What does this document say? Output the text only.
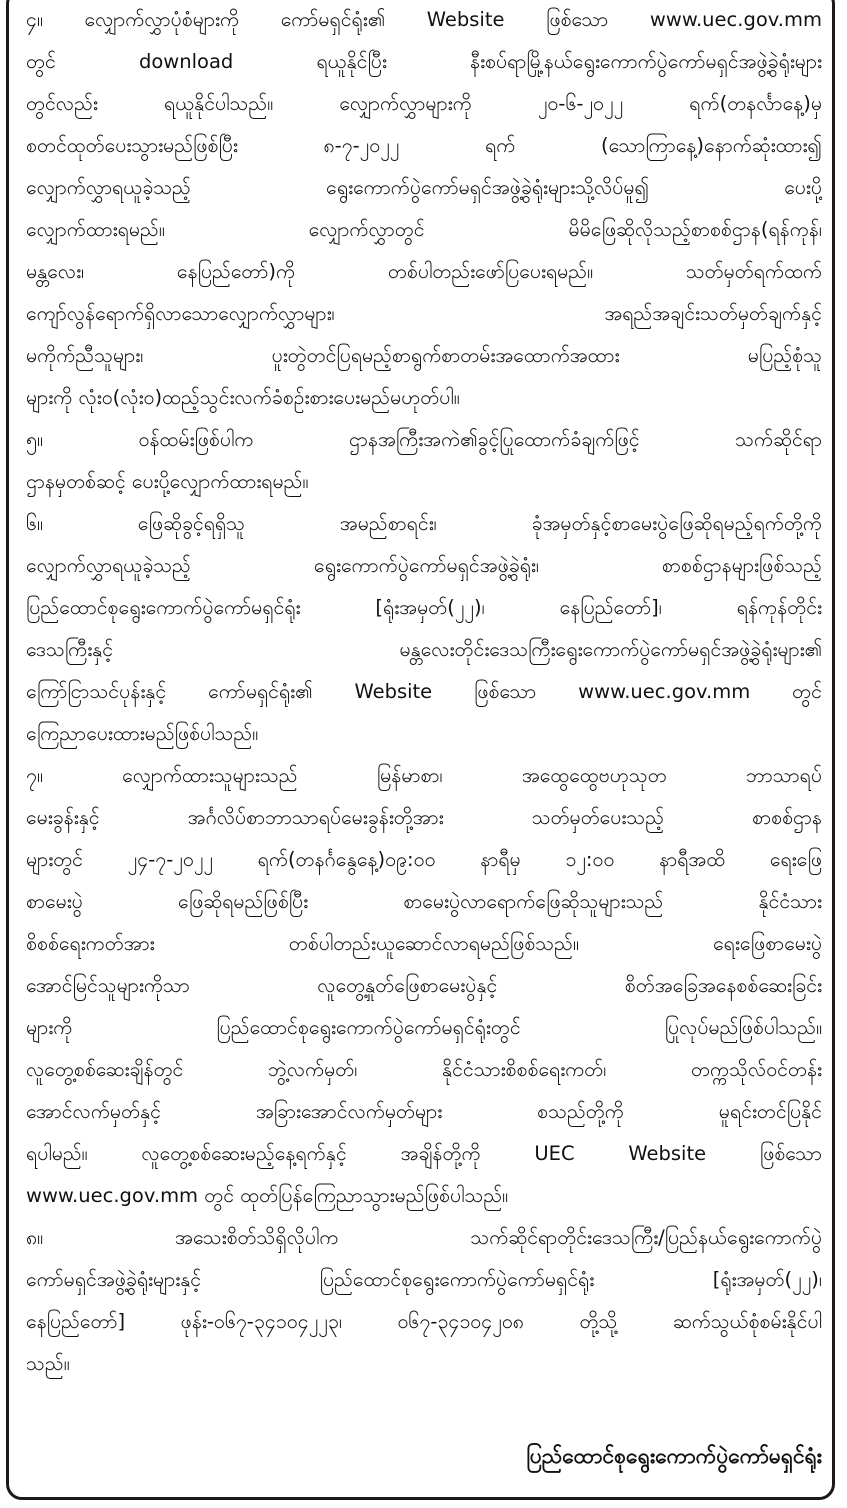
၄။ လျှောက်လွှာပုံစံများကို ကော်မရှင်ရုံး၏ Website ဖြစ်သော www.uec.gov.mm
တွင် download ရယူနိုင်ပြီး နီးစပ်ရာမြို့နယ်ရွေးကောက်ပွဲကော်မရှင်အဖွဲ့ခွဲရုံးများ
တွင်လည်း ရယူနိုင်ပါသည်။ လျှောက်လွှာများကို ၂၀-၆-၂၀၂၂ ရက်(တနင်္လာနေ့)မှ
စတင်ထုတ်ပေးသွားမည်ဖြစ်ပြီး ၈-၇-၂၀၂၂ ရက် (သောကြာနေ့)နောက်ဆုံးထား၍
လျှောက်လွှာရယူခဲ့သည့် ရွေးကောက်ပွဲကော်မရှင်အဖွဲ့ခွဲရုံးများသို့လိပ်မူ၍ ပေးပို့
လျှောက်ထားရမည်။ လျှောက်လွှာတွင် မိမိဖြေဆိုလိုသည့်စာစစ်ဌာန(ရန်ကုန်၊
မန္တလေး၊ နေပြည်တော်)ကို တစ်ပါတည်းဖော်ပြပေးရမည်။ သတ်မှတ်ရက်ထက်
ကျော်လွန်ရောက်ရှိလာသောလျှောက်လွှာများ၊ အရည်အချင်းသတ်မှတ်ချက်နှင့်
မကိုက်ညီသူများ၊ ပူးတွဲတင်ပြရမည့်စာရွက်စာတမ်းအထောက်အထား မပြည့်စုံသူ
များကို လုံး၀(လုံး၀)ထည့်သွင်းလက်ခံစဉ်းစားပေးမည်မဟုတ်ပါ။
၅။ ၀န်ထမ်းဖြစ်ပါက ဌာနအကြီးအကဲ၏ခွင့်ပြုထောက်ခံချက်ဖြင့် သက်ဆိုင်ရာ
ဌာနမှတစ်ဆင့် ပေးပို့လျှောက်ထားရမည်။
၆။ ဖြေဆိုခွင့်ရရှိသူ အမည်စာရင်း၊ ခုံအမှတ်နှင့်စာမေးပွဲဖြေဆိုရမည့်ရက်တို့ကို
လျှောက်လွှာရယူခဲ့သည့် ရွေးကောက်ပွဲကော်မရှင်အဖွဲ့ခွဲရုံး၊ စာစစ်ဌာနများဖြစ်သည့်
ပြည်ထောင်စုရွေးကောက်ပွဲကော်မရှင်ရုံး [ရုံးအမှတ်(၂၂)၊ နေပြည်တော်]၊ ရန်ကုန်တိုင်း
ဒေသကြီးနှင့် မန္တလေးတိုင်းဒေသကြီးရွေးကောက်ပွဲကော်မရှင်အဖွဲ့ခွဲရုံးများ၏
ကြော်ငြာသင်ပုန်းနှင့် ကော်မရှင်ရုံး၏ Website ဖြစ်သော www.uec.gov.mm တွင်
ကြေညာပေးထားမည်ဖြစ်ပါသည်။
၇။ လျှောက်ထားသူများသည် မြန်မာစာ၊ အထွေထွေဗဟုသုတ ဘာသာရပ်
မေးခွန်းနှင့် အင်္ဂလိပ်စာဘာသာရပ်မေးခွန်းတို့အား သတ်မှတ်ပေးသည့် စာစစ်ဌာန
များတွင် ၂၄-၇-၂၀၂၂ ရက်(တနင်္ဂနွေနေ့)၀၉:၀၀ နာရီမှ ၁၂:၀၀ နာရီအထိ ရေးဖြေ
စာမေးပွဲ ဖြေဆိုရမည်ဖြစ်ပြီး စာမေးပွဲလာရောက်ဖြေဆိုသူများသည် နိုင်ငံသား
စိစစ်ရေးကတ်အား တစ်ပါတည်းယူဆောင်လာရမည်ဖြစ်သည်။ ရေးဖြေစာမေးပွဲ
အောင်မြင်သူများကိုသာ လူတွေ့နှုတ်ဖြေစာမေးပွဲနှင့် စိတ်အခြေအနေစစ်ဆေးခြင်း
များကို ပြည်ထောင်စုရွေးကောက်ပွဲကော်မရှင်ရုံးတွင် ပြုလုပ်မည်ဖြစ်ပါသည်။
လူတွေ့စစ်ဆေးချိန်တွင် ဘွဲ့လက်မှတ်၊ နိုင်ငံသားစိစစ်ရေးကတ်၊ တက္ကသိုလ်ဝင်တန်း
အောင်လက်မှတ်နှင့် အခြားအောင်လက်မှတ်များ စသည်တို့ကို မူရင်းတင်ပြနိုင်
ရပါမည်။ လူတွေ့စစ်ဆေးမည့်နေ့ရက်နှင့် အချိန်တို့ကို UEC Website ဖြစ်သော
www.uec.gov.mm တွင် ထုတ်ပြန်ကြေညာသွားမည်ဖြစ်ပါသည်။
၈။ အသေးစိတ်သိရှိလိုပါက သက်ဆိုင်ရာတိုင်းဒေသကြီး/ပြည်နယ်ရွေးကောက်ပွဲ
ကော်မရှင်အဖွဲ့ခွဲရုံးများနှင့် ပြည်ထောင်စုရွေးကောက်ပွဲကော်မရှင်ရုံး [ရုံးအမှတ်(၂၂)၊
နေပြည်တော်] ဖုန်း-၀၆၇-၃၄၁၀၄၂၂၃၊ ၀၆၇-၃၄၁၀၄၂၀၈ တို့သို့ ဆက်သွယ်စုံစမ်းနိုင်ပါ
သည်။
ပြည်ထောင်စုရွေးကောက်ပွဲကော်မရှင်ရုံး
